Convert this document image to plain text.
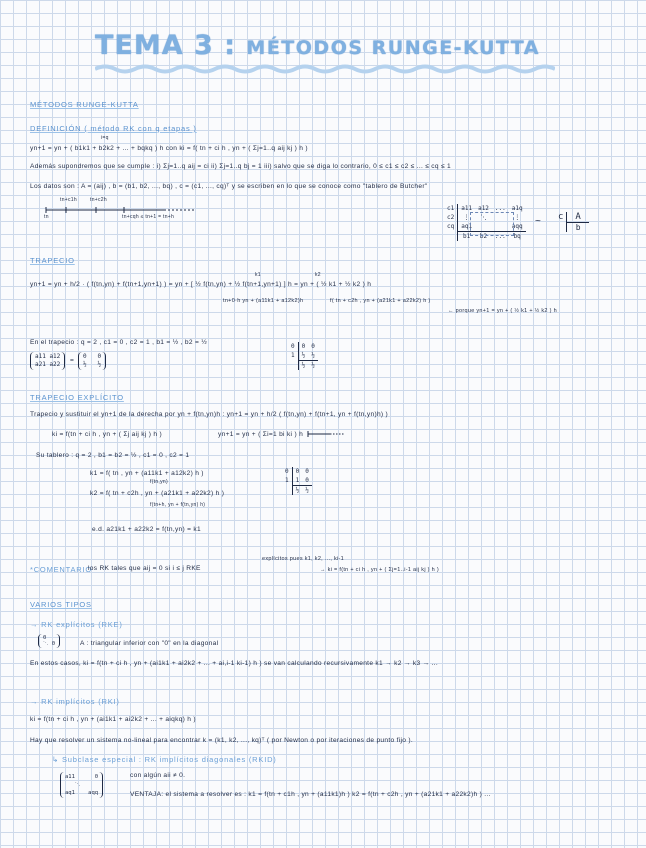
TEMA 3 : MÉTODOS RUNGE-KUTTA
MÉTODOS RUNGE-KUTTA
DEFINICIÓN ( método RK con q etapas )
i=q
yn+1 = yn + ( b1k1 + b2k2 + ... + bqkq ) h con ki = f( tn + ci h , yn + ( Σj=1..q aij kj ) h )
Además supondremos que se cumple : i) Σj=1..q aij = ci ii) Σj=1..q bj = 1 iii) salvo que se diga lo contrario, 0 ≤ c1 ≤ c2 ≤ ... ≤ cq ≤ 1
Los datos son : A = (aij) , b = (b1, b2, ..., bq) , c = (c1, ..., cq)ᵀ y se escriben en lo que se conoce como "tablero de Butcher"
tn+c1h	tn+c2h
tn	tn+cqh ≤ tn+1 = tn+h
c1	a11	a12	...	a1q
c2	⋮	⋱		⋮
cq	aq1			aqq
	b1	b2	...	bq
~ c	A
	b
TRAPECIO
k1	k2
yn+1 = yn + h/2 · ( f(tn,yn) + f(tn+1,yn+1) ) = yn + [ ½ f(tn,yn) + ½ f(tn+1,yn+1) ] h = yn + ( ½ k1 + ½ k2 ) h
tn+0·h yn + (a11k1 + a12k2)h	f( tn + c2h , yn + (a21k1 + a22k2) h )
← porque yn+1 = yn + ( ½ k1 + ½ k2 ) h
En el trapecio : q = 2 , c1 = 0 , c2 = 1 , b1 = ½ , b2 = ½
a11 a12
a21 a22
=
0   0
½   ½
0	0	0
1	½	½
	½	½
TRAPECIO EXPLÍCITO
Trapecio y sustituir el yn+1 de la derecha por yn + f(tn,yn)h : yn+1 = yn + h/2 ( f(tn,yn) + f(tn+1, yn + f(tn,yn)h) )
ki = f(tn + ci h , yn + ( Σj aij kj ) h )	yn+1 = yn + ( Σi=1 bi ki ) h
Su tablero : q = 2 , b1 = b2 = ½ , c1 = 0 , c2 = 1
k1 = f( tn , yn + (a11k1 + a12k2) h )
f(tn,yn)
k2 = f( tn + c2h , yn + (a21k1 + a22k2) h )
f(tn+h, yn + f(tn,yn) h)
e.d. a21k1 + a22k2 = f(tn,yn) = k1
0	0	0
1	1	0
	½	½
*COMENTARIO
los RK tales que aij = 0 si i ≤ j RKE
explícitos pues k1, k2, ..., ki-1
→ ki = f(tn + ci h , yn + ( Σj=1..i-1 aij kj ) h )
VARIOS TIPOS
→ RK explícitos (RKE)
0
⋱ 0	A : triangular inferior con "0" en la diagonal
En estos casos, ki = f(tn + ci h , yn + (ai1k1 + ai2k2 + ... + ai,i-1 ki-1) h ) se van calculando recursivamente k1 → k2 → k3 → ...
→ RK implícitos (RKI)
ki = f(tn + ci h , yn + (ai1k1 + ai2k2 + ... + aiqkq) h )
Hay que resolver un sistema no-lineal para encontrar k = (k1, k2, ..., kq)ᵀ ( por Newton o por iteraciones de punto fijo ).
↳ Subclase especial : RK implícitos diagonales (RKID)
a11      0
⋱
aq1    aqq
con algún aii ≠ 0.
VENTAJA: el sistema a resolver es : k1 = f(tn + c1h , yn + (a11k1)h ) k2 = f(tn + c2h , yn + (a21k1 + a22k2)h ) ...
